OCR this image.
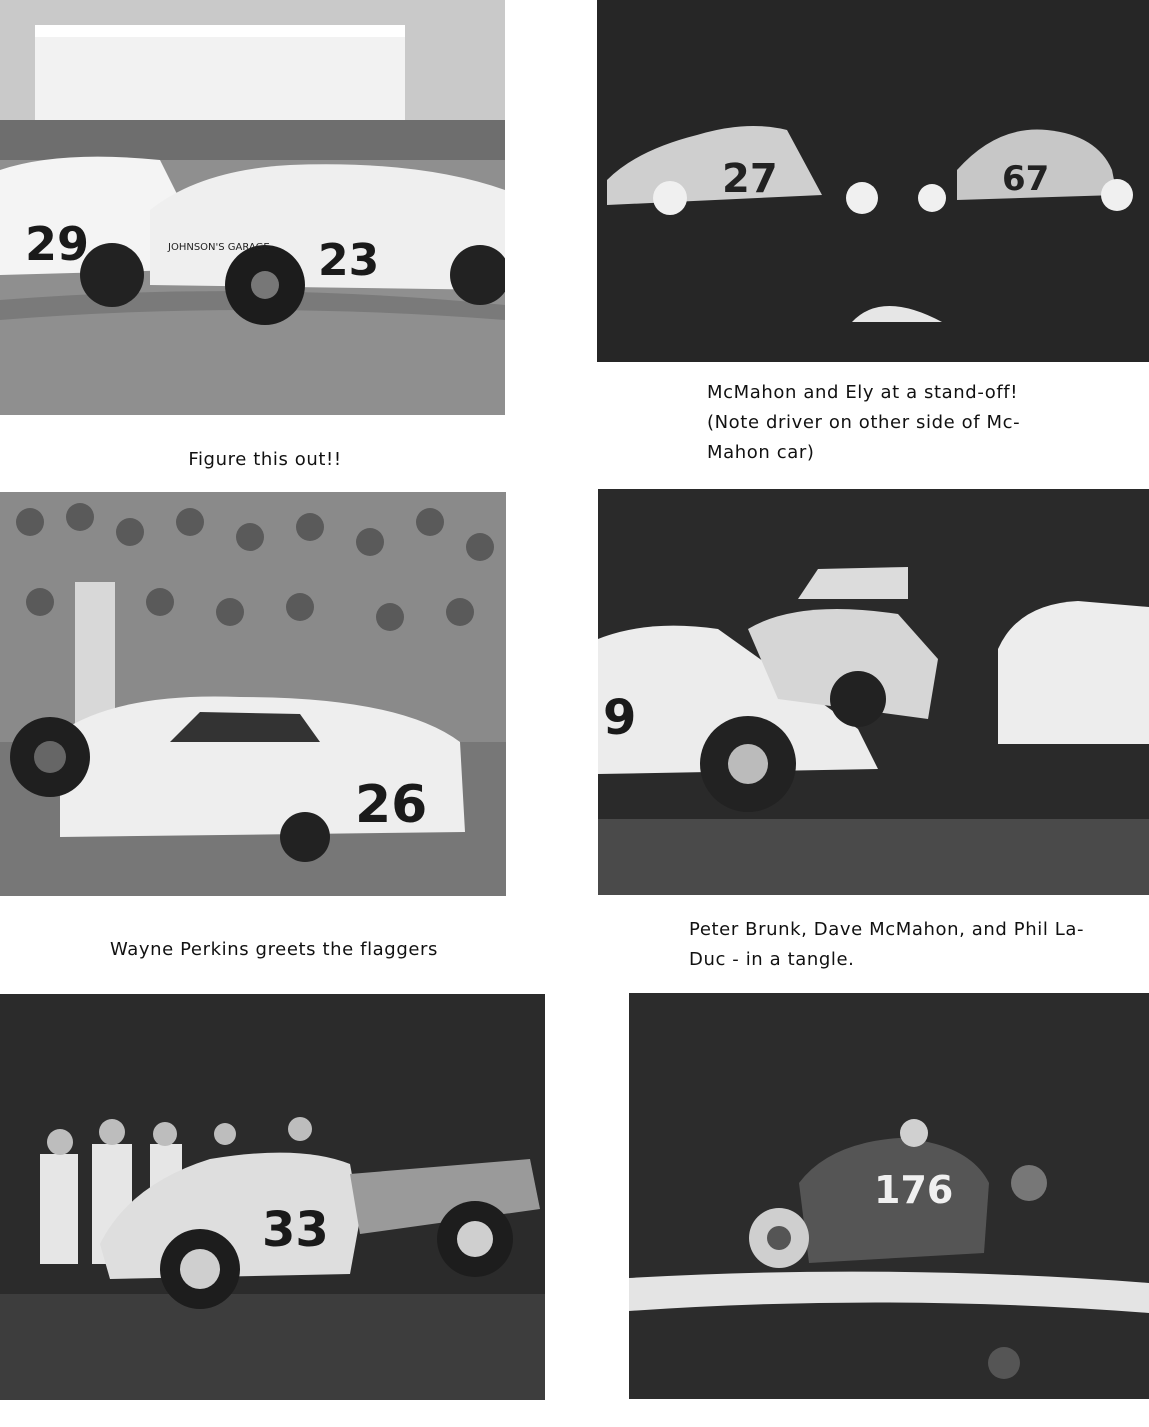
29	23
JOHNSON'S GARAGE

Figure this out!!

27	67
McMahon and Ely at a stand-off!
(Note driver on other side of Mc-
Mahon car)
26

Wayne Perkins greets the flaggers

9
Peter Brunk, Dave McMahon, and Phil La-
Duc - in a tangle.
33
176
